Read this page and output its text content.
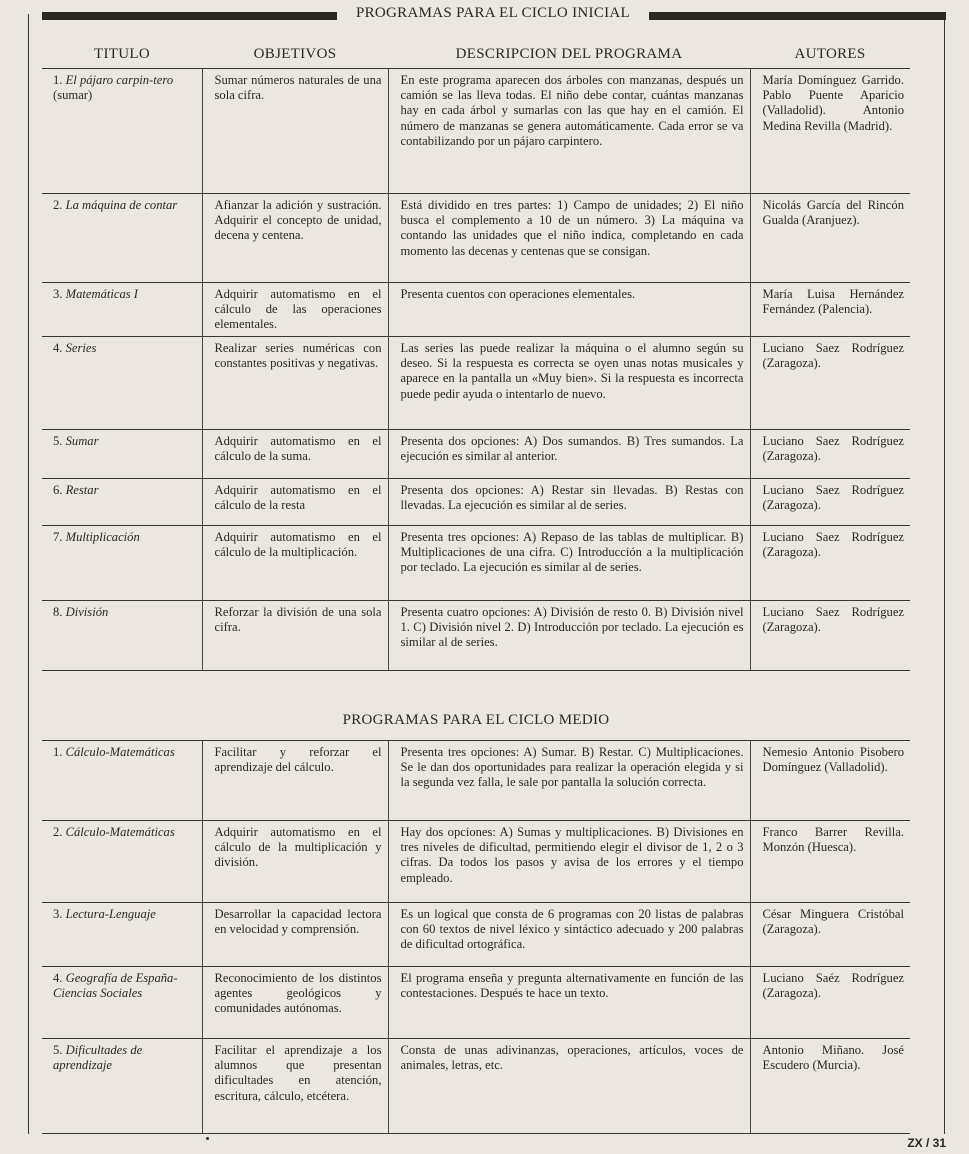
PROGRAMAS PARA EL CICLO INICIAL
TITULO	OBJETIVOS	DESCRIPCION DEL PROGRAMA	AUTORES
1. El pájaro carpin-tero (sumar)	Sumar números naturales de una sola cifra.	En este programa aparecen dos árboles con manzanas, después un camión se las lleva todas. El niño debe contar, cuántas manzanas hay en cada árbol y sumarlas con las que hay en el camión. El número de manzanas se genera automáticamente. Cada error se va contabilizando por un pájaro carpintero.	María Domínguez Garrido. Pablo Puente Aparicio (Valladolid). Antonio Medina Revilla (Madrid).
2. La máquina de contar	Afianzar la adición y sustración. Adquirir el concepto de unidad, decena y centena.	Está dividido en tres partes: 1) Campo de unidades; 2) El niño busca el complemento a 10 de un número. 3) La máquina va contando las unidades que el niño indica, completando en cada momento las decenas y centenas que se consigan.	Nicolás García del Rincón Gualda (Aranjuez).
3. Matemáticas I	Adquirir automatismo en el cálculo de las operaciones elementales.	Presenta cuentos con operaciones elementales.	María Luisa Hernández Fernández (Palencia).
4. Series	Realizar series numéricas con constantes positivas y negativas.	Las series las puede realizar la máquina o el alumno según su deseo. Si la respuesta es correcta se oyen unas notas musicales y aparece en la pantalla un «Muy bien». Si la respuesta es incorrecta puede pedir ayuda o intentarlo de nuevo.	Luciano Saez Rodríguez (Zaragoza).
5. Sumar	Adquirir automatismo en el cálculo de la suma.	Presenta dos opciones: A) Dos sumandos. B) Tres sumandos. La ejecución es similar al anterior.	Luciano Saez Rodríguez (Zaragoza).
6. Restar	Adquirir automatismo en el cálculo de la resta	Presenta dos opciones: A) Restar sin llevadas. B) Restas con llevadas. La ejecución es similar al de series.	Luciano Saez Rodríguez (Zaragoza).
7. Multiplicación	Adquirir automatismo en el cálculo de la multiplicación.	Presenta tres opciones: A) Repaso de las tablas de multiplicar. B) Multiplicaciones de una cifra. C) Introducción a la multiplicación por teclado. La ejecución es similar al de series.	Luciano Saez Rodríguez (Zaragoza).
8. División	Reforzar la división de una sola cifra.	Presenta cuatro opciones: A) División de resto 0. B) División nivel 1. C) División nivel 2. D) Introducción por teclado. La ejecución es similar al de series.	Luciano Saez Rodríguez (Zaragoza).
PROGRAMAS PARA EL CICLO MEDIO
1. Cálculo-Matemáticas	Facilitar y reforzar el aprendizaje del cálculo.	Presenta tres opciones: A) Sumar. B) Restar. C) Multiplicaciones. Se le dan dos oportunidades para realizar la operación elegida y si la segunda vez falla, le sale por pantalla la solución correcta.	Nemesio Antonio Pisobero Domínguez (Valladolid).
2. Cálculo-Matemáticas	Adquirir automatismo en el cálculo de la multiplicación y división.	Hay dos opciones: A) Sumas y multiplicaciones. B) Divisiones en tres niveles de dificultad, permitiendo elegir el divisor de 1, 2 o 3 cifras. Da todos los pasos y avisa de los errores y el tiempo empleado.	Franco Barrer Revilla. Monzón (Huesca).
3. Lectura-Lenguaje	Desarrollar la capacidad lectora en velocidad y comprensión.	Es un logical que consta de 6 programas con 20 listas de palabras con 60 textos de nivel léxico y sintáctico adecuado y 200 palabras de dificultad ortográfica.	César Minguera Cristóbal (Zaragoza).
4. Geografía de España-Ciencias Sociales	Reconocimiento de los distintos agentes geológicos y comunidades autónomas.	El programa enseña y pregunta alternativamente en función de las contestaciones. Después te hace un texto.	Luciano Saéz Rodríguez (Zaragoza).
5. Dificultades de aprendizaje	Facilitar el aprendizaje a los alumnos que presentan dificultades en atención, escritura, cálculo, etcétera.	Consta de unas adivinanzas, operaciones, artículos, voces de animales, letras, etc.	Antonio Miñano. José Escudero (Murcia).
ZX / 31
